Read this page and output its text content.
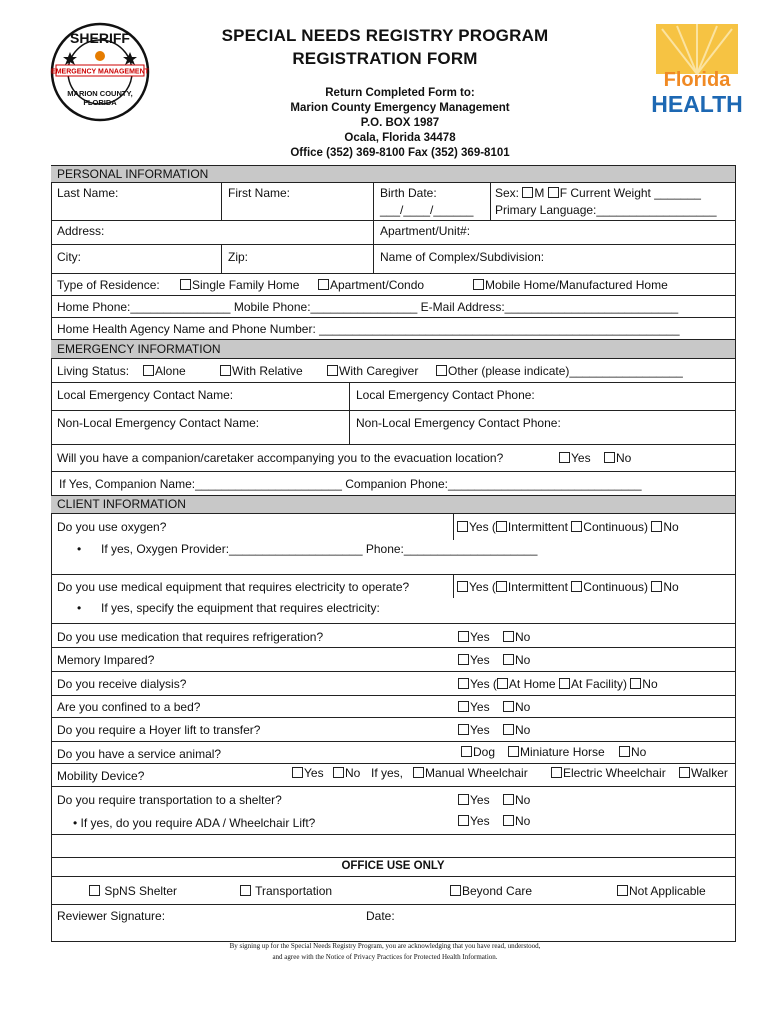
SHERIFF
EMERGENCY MANAGEMENT
MARION COUNTY,
FLORIDA
Florida
HEALTH
SPECIAL NEEDS REGISTRY PROGRAM
REGISTRATION FORM
Return Completed Form to:
Marion County Emergency Management
P.O. BOX 1987
Ocala, Florida 34478
Office (352) 369-8100 Fax (352) 369-8101
PERSONAL INFORMATION
Last Name:	First Name:	Birth Date:
___/____/______
Sex: M F Current Weight _______
Primary Language:__________________
Address:	Apartment/Unit#:
City:	Zip:	Name of Complex/Subdivision:
Type of Residence:	Single Family Home	Apartment/Condo	Mobile Home/Manufactured Home
Home Phone:_______________ Mobile Phone:________________ E-Mail Address:__________________________
Home Health Agency Name and Phone Number: ______________________________________________________
EMERGENCY INFORMATION
Living Status:	Alone	With Relative	With Caregiver	Other (please indicate)_________________
Local Emergency Contact Name:	Local Emergency Contact Phone:
Non-Local Emergency Contact Name:	Non-Local Emergency Contact Phone:
Will you have a companion/caretaker accompanying you to the evacuation location?	Yes	No
If Yes, Companion Name:______________________ Companion Phone:_____________________________
CLIENT INFORMATION
Do you use oxygen?	Yes ( Intermittent Continuous) No
• If yes, Oxygen Provider:____________________ Phone:____________________
Do you use medical equipment that requires electricity to operate?	Yes ( Intermittent Continuous) No
• If yes, specify the equipment that requires electricity:
Do you use medication that requires refrigeration?	Yes	No
Memory Impared?	Yes	No
Do you receive dialysis?	Yes ( At Home At Facility) No
Are you confined to a bed?	Yes	No
Do you require a Hoyer lift to transfer?	Yes	No
Do you have a service animal?	Dog	Miniature Horse	No
Mobility Device?	Yes	No If yes,	Manual Wheelchair	Electric Wheelchair	Walker
Do you require transportation to a shelter?	Yes	No
• If yes, do you require ADA / Wheelchair Lift?	Yes	No
OFFICE USE ONLY
SpNS Shelter	Transportation	Beyond Care	Not Applicable
Reviewer Signature:	Date:
By signing up for the Special Needs Registry Program, you are acknowledging that you have read, understood,
and agree with the Notice of Privacy Practices for Protected Health Information.
